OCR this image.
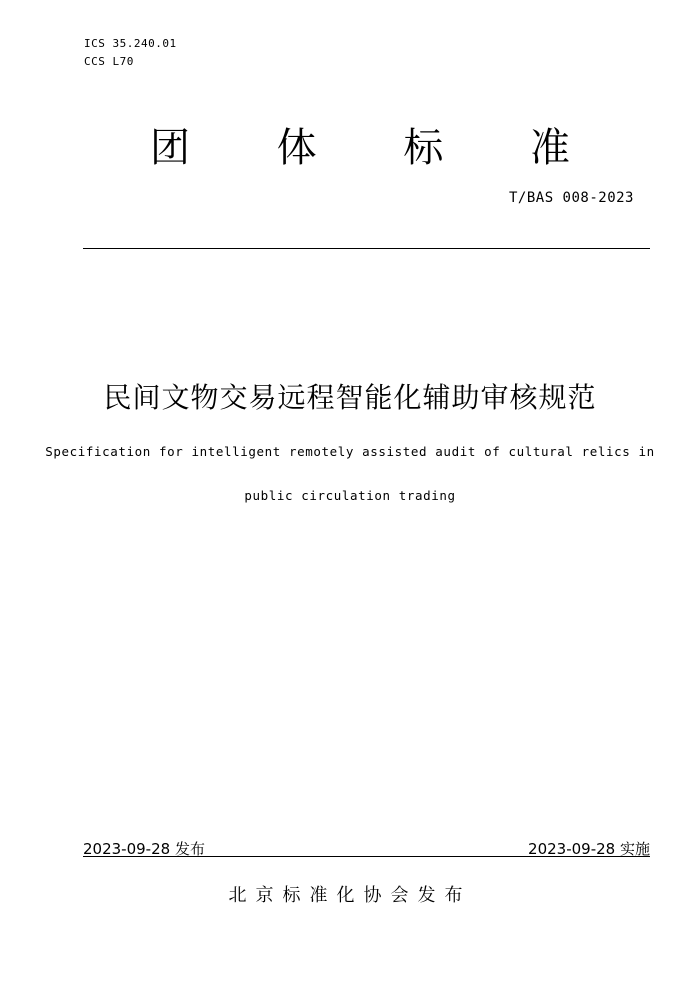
ICS 35.240.01
CCS L70
团 体 标 准
T/BAS 008-2023
民间文物交易远程智能化辅助审核规范
Specification for intelligent remotely assisted audit of cultural relics in
public circulation trading
2023-09-28 发布	2023-09-28 实施
北京标准化协会发布
